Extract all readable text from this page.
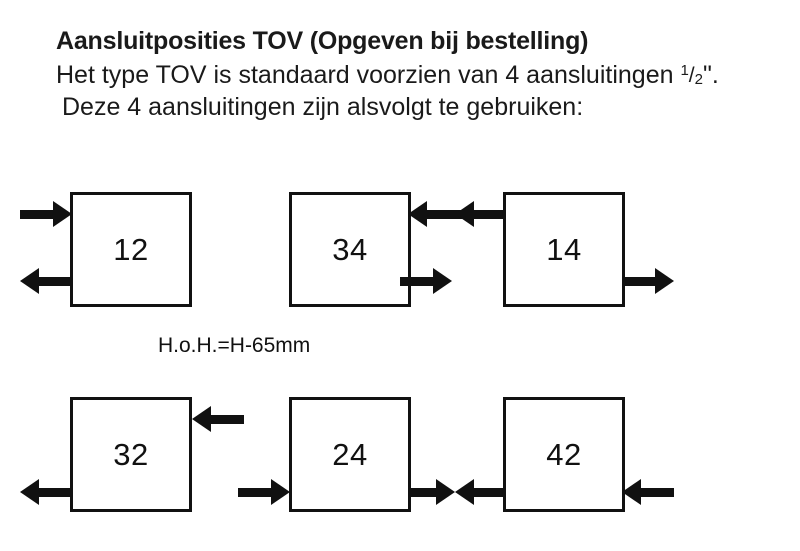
Aansluitposities TOV (Opgeven bij bestelling)

Het type TOV is standaard voorzien van 4 aansluitingen $^1/_2$".

Deze 4 aansluitingen zijn alsvolgt te gebruiken:

12	34	14
H.o.H.=H-65mm
32	24	42
